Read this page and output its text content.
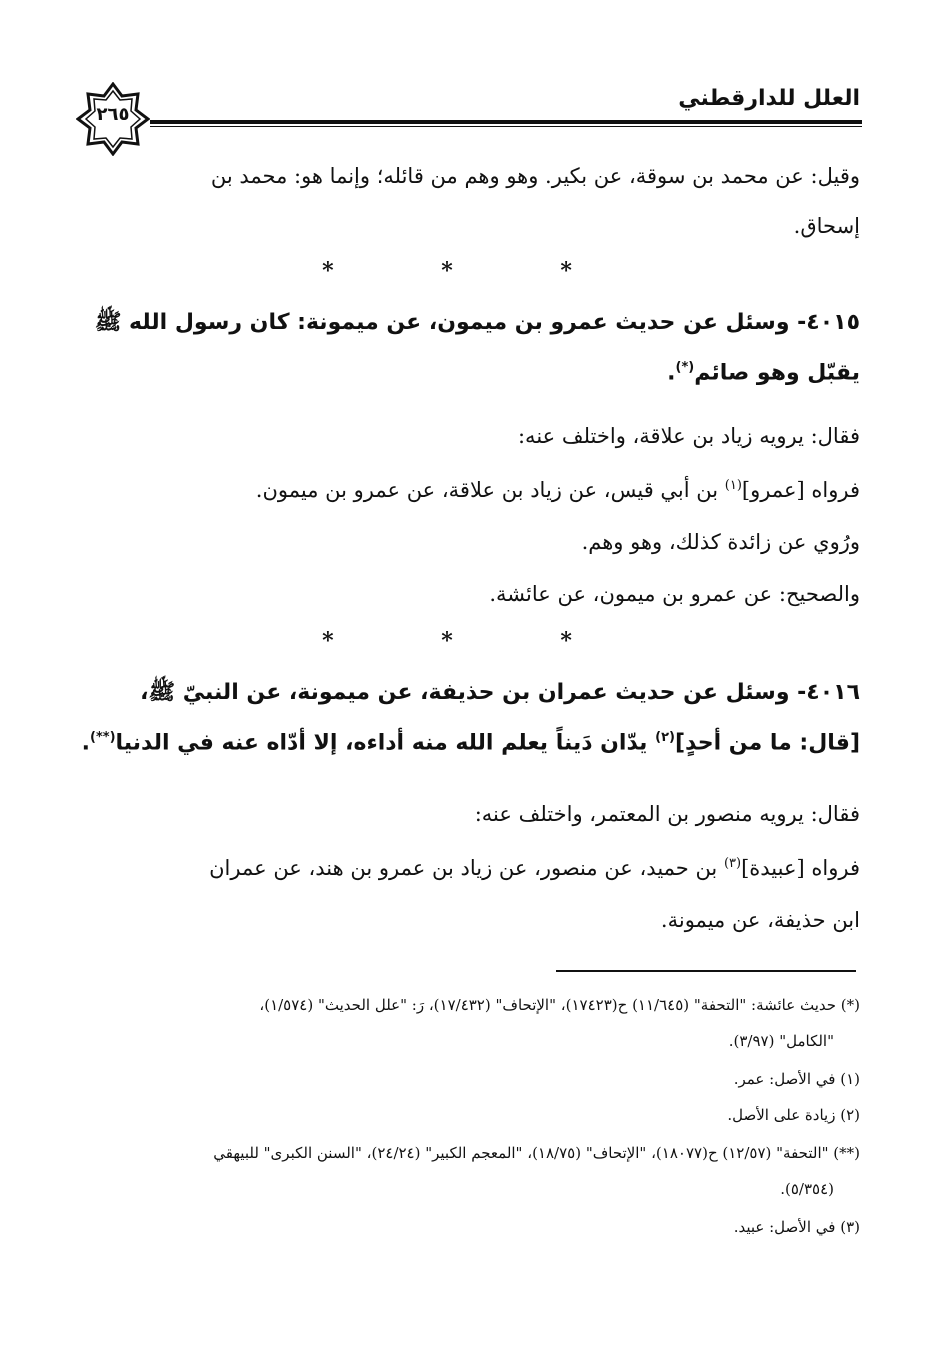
العلل للدارقطني
٢٦٥
وقيل: عن محمد بن سوقة، عن بكير. وهو وهم من قائله؛ وإنما هو: محمد بن
إسحاق.
* * *
٤٠١٥- وسئل عن حديث عمرو بن ميمون، عن ميمونة: كان رسول الله ﷺ
يقبّل وهو صائم(*).
فقال: يرويه زياد بن علاقة، واختلف عنه:
فرواه [عمرو]$^{(١)}$ بن أبي قيس، عن زياد بن علاقة، عن عمرو بن ميمون.
ورُوي عن زائدة كذلك، وهو وهم.
والصحيح: عن عمرو بن ميمون، عن عائشة.
* * *
٤٠١٦- وسئل عن حديث عمران بن حذيفة، عن ميمونة، عن النبيّ ﷺ،
[قال: ما من أحدٍ]$^{(٢)}$ يدّان دَيناً يعلم الله منه أداءه، إلا أدّاه عنه في الدنيا(**).
فقال: يرويه منصور بن المعتمر، واختلف عنه:
فرواه [عبيدة]$^{(٣)}$ بن حميد، عن منصور، عن زياد بن عمرو بن هند، عن عمران
ابن حذيفة، عن ميمونة.
(*) حديث عائشة: "التحفة" (١١/٦٤٥) ح(١٧٤٢٣)، "الإتحاف" (١٧/٤٣٢)، رَ: "علل الحديث" (١/٥٧٤)،
"الكامل" (٣/٩٧).
(١) في الأصل: عمر.
(٢) زيادة على الأصل.
(**) "التحفة" (١٢/٥٧) ح(١٨٠٧٧)، "الإتحاف" (١٨/٧٥)، "المعجم الكبير" (٢٤/٢٤)، "السنن الكبرى" للبيهقي
(٥/٣٥٤).
(٣) في الأصل: عبيد.
